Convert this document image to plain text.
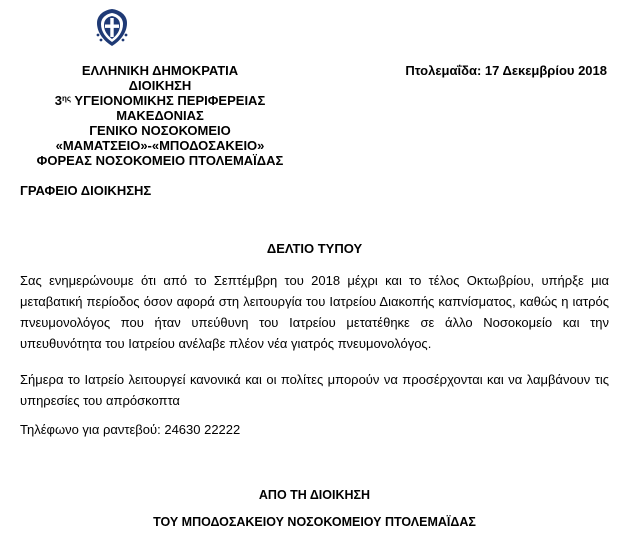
ΕΛΛΗΝΙΚΗ ΔΗΜΟΚΡΑΤΙΑ
ΔΙΟΙΚΗΣΗ
$3^{\eta\varsigma}$ ΥΓΕΙΟΝΟΜΙΚΗΣ ΠΕΡΙΦΕΡΕΙΑΣ
ΜΑΚΕΔΟΝΙΑΣ
ΓΕΝΙΚΟ ΝΟΣΟΚΟΜΕΙΟ
«ΜΑΜΑΤΣΕΙΟ»-«ΜΠΟΔΟΣΑΚΕΙΟ»
ΦΟΡΕΑΣ ΝΟΣΟΚΟΜΕΙΟ ΠΤΟΛΕΜΑΪΔΑΣ
Πτολεμαΐδα: 17 Δεκεμβρίου 2018
ΓΡΑΦΕΙΟ ΔΙΟΙΚΗΣΗΣ
ΔΕΛΤΙΟ ΤΥΠΟΥ
Σας ενημερώνουμε ότι από το Σεπτέμβρη του 2018 μέχρι και το τέλος Οκτωβρίου, υπήρξε μια μεταβατική περίοδος όσον αφορά στη λειτουργία του Ιατρείου Διακοπής καπνίσματος, καθώς η ιατρός πνευμονολόγος που ήταν υπεύθυνη του Ιατρείου μετατέθηκε σε άλλο Νοσοκομείο και την υπευθυνότητα του Ιατρείου ανέλαβε πλέον νέα γιατρός πνευμονολόγος.
Σήμερα το Ιατρείο λειτουργεί κανονικά και οι πολίτες μπορούν να προσέρχονται και να λαμβάνουν τις υπηρεσίες του απρόσκοπτα
Τηλέφωνο για ραντεβού: 24630 22222
ΑΠΟ ΤΗ ΔΙΟΙΚΗΣΗ
ΤΟΥ ΜΠΟΔΟΣΑΚΕΙΟΥ ΝΟΣΟΚΟΜΕΙΟΥ ΠΤΟΛΕΜΑΪΔΑΣ
